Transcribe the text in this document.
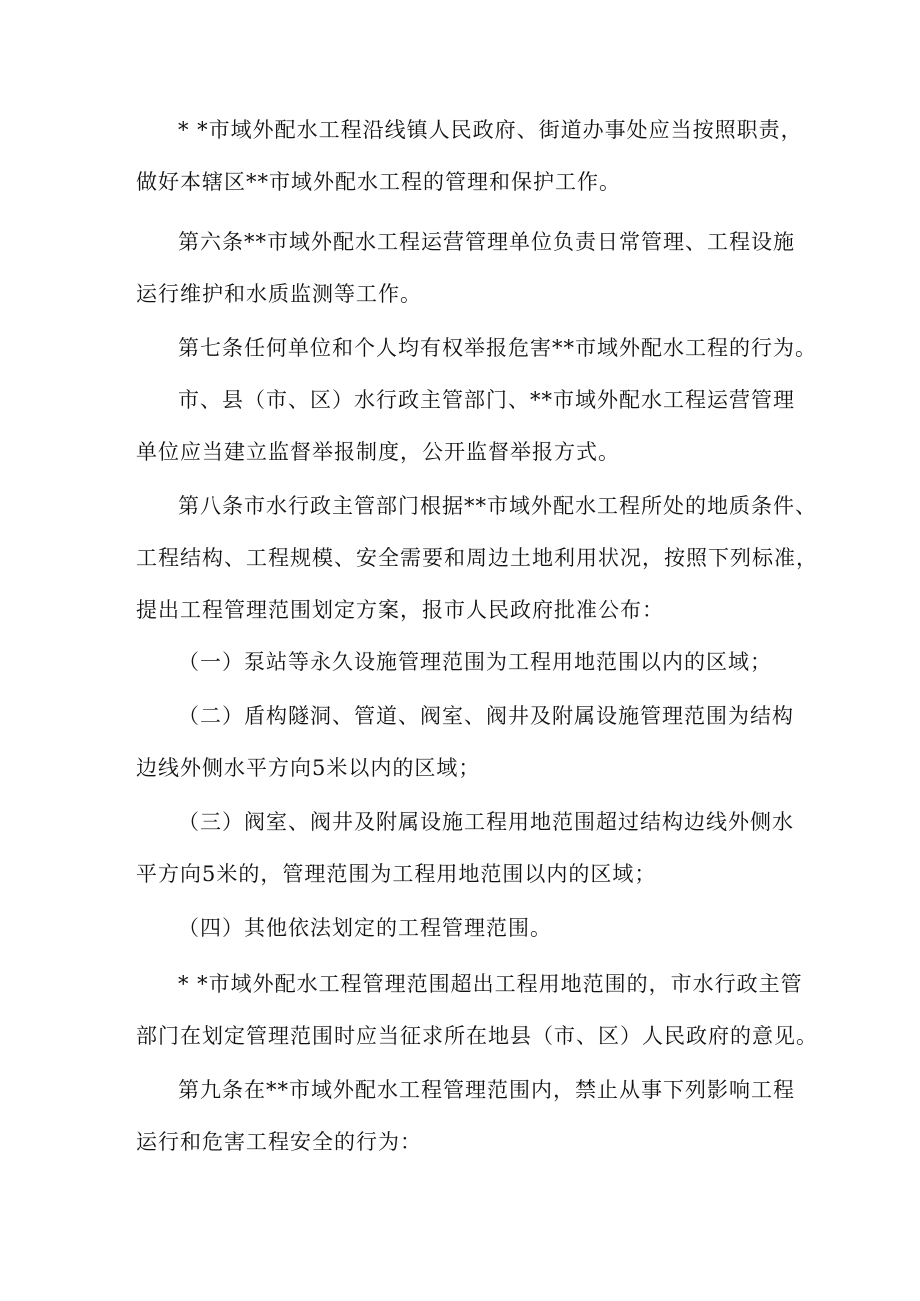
* *市域外配水工程沿线镇人民政府、街道办事处应当按照职责，
做好本辖区**市域外配水工程的管理和保护工作。

第六条**市域外配水工程运营管理单位负责日常管理、工程设施
运行维护和水质监测等工作。

第七条任何单位和个人均有权举报危害**市域外配水工程的行为。

市、县（市、区）水行政主管部门、**市域外配水工程运营管理
单位应当建立监督举报制度，公开监督举报方式。

第八条市水行政主管部门根据**市域外配水工程所处的地质条件、
工程结构、工程规模、安全需要和周边土地利用状况，按照下列标准，
提出工程管理范围划定方案，报市人民政府批准公布：

（一）泵站等永久设施管理范围为工程用地范围以内的区域；

（二）盾构隧洞、管道、阀室、阀井及附属设施管理范围为结构
边线外侧水平方向5米以内的区域；

（三）阀室、阀井及附属设施工程用地范围超过结构边线外侧水
平方向5米的，管理范围为工程用地范围以内的区域；

（四）其他依法划定的工程管理范围。

* *市域外配水工程管理范围超出工程用地范围的，市水行政主管
部门在划定管理范围时应当征求所在地县（市、区）人民政府的意见。

第九条在**市域外配水工程管理范围内，禁止从事下列影响工程
运行和危害工程安全的行为：
